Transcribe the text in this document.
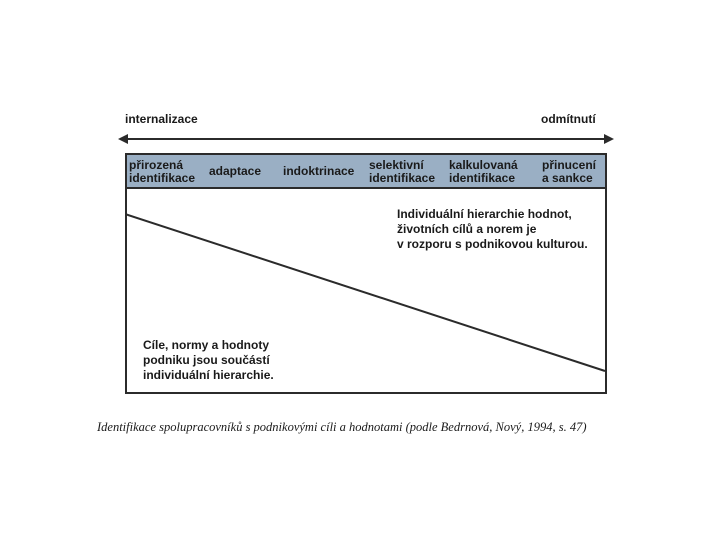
internalizace	odmítnutí
přirozená
identifikace adaptace indoktrinace selektivní
identifikace
kalkulovaná
identifikace
přinucení
a sankce
Individuální hierarchie hodnot,
životních cílů a norem je
v rozporu s podnikovou kulturou.
Cíle, normy a hodnoty
podniku jsou součástí
individuální hierarchie.
Identifikace spolupracovníků s podnikovými cíli a hodnotami (podle Bedrnová, Nový, 1994, s. 47)
